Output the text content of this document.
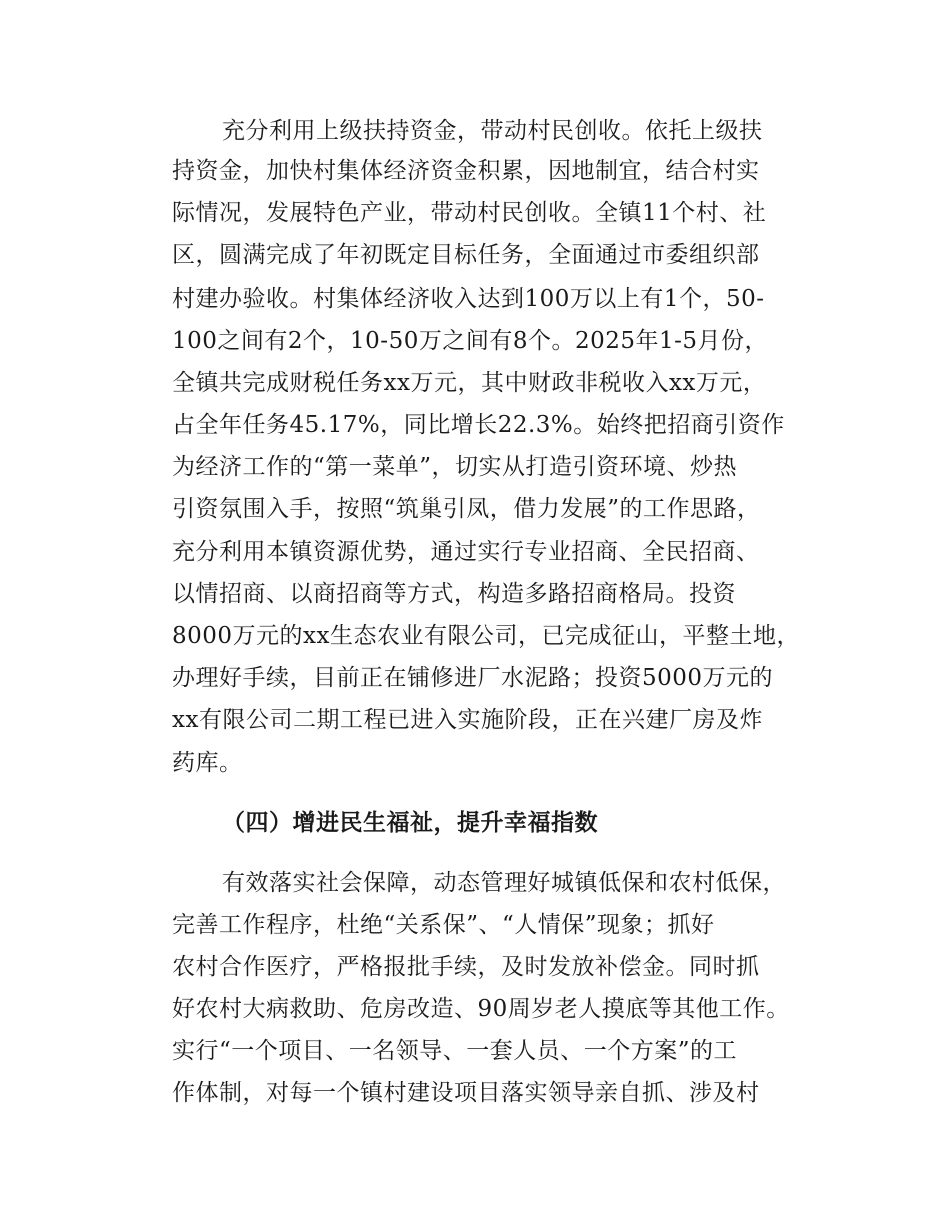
充分利用上级扶持资金，带动村民创收。依托上级扶
持资金，加快村集体经济资金积累，因地制宜，结合村实
际情况，发展特色产业，带动村民创收。全镇11个村、社
区，圆满完成了年初既定目标任务，全面通过市委组织部
村建办验收。村集体经济收入达到100万以上有1个，50-
100之间有2个，10-50万之间有8个。2025年1-5月份，
全镇共完成财税任务xx万元，其中财政非税收入xx万元，
占全年任务45.17%，同比增长22.3%。始终把招商引资作
为经济工作的“第一菜单”，切实从打造引资环境、炒热
引资氛围入手，按照“筑巢引凤，借力发展”的工作思路，
充分利用本镇资源优势，通过实行专业招商、全民招商、
以情招商、以商招商等方式，构造多路招商格局。投资
8000万元的xx生态农业有限公司，已完成征山，平整土地，
办理好手续，目前正在铺修进厂水泥路；投资5000万元的
xx有限公司二期工程已进入实施阶段，正在兴建厂房及炸
药库。
（四）增进民生福祉，提升幸福指数
有效落实社会保障，动态管理好城镇低保和农村低保，
完善工作程序，杜绝“关系保”、“人情保”现象；抓好
农村合作医疗，严格报批手续，及时发放补偿金。同时抓
好农村大病救助、危房改造、90周岁老人摸底等其他工作。
实行“一个项目、一名领导、一套人员、一个方案”的工
作体制，对每一个镇村建设项目落实领导亲自抓、涉及村
